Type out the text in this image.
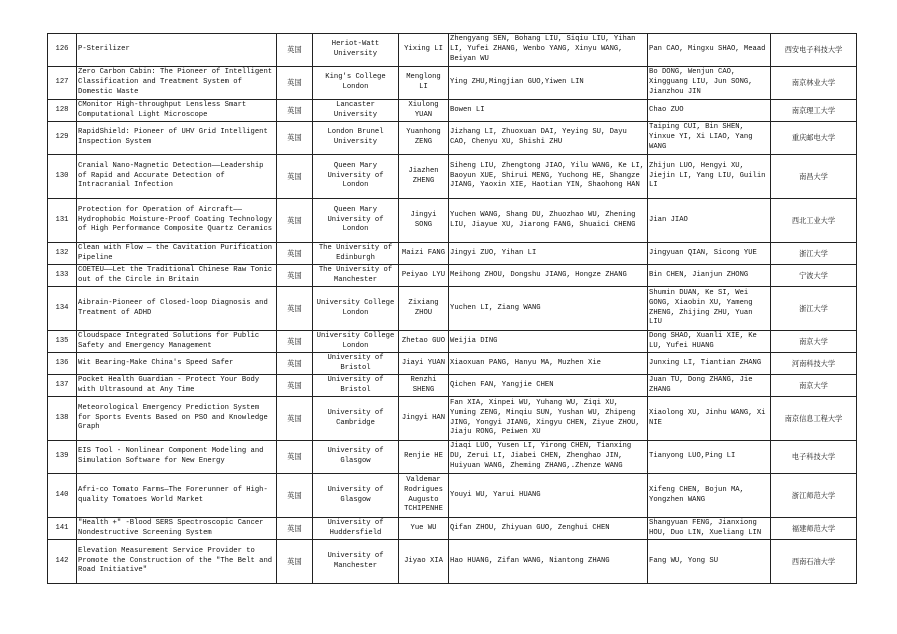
126	P-Sterilizer	英国	Heriot-Watt University	Yixing LI	Zhengyang SEN, Bohang LIU, Siqiu LIU, Yihan LI, Yufei ZHANG, Wenbo YANG, Xinyu WANG, Beiyan WU	Pan CAO, Mingxu SHAO, Meaad	西安电子科技大学
127	Zero Carbon Cabin: The Pioneer of Intelligent Classification and Treatment System of Domestic Waste	英国	King's College London	Menglong LI	Ying ZHU,Mingjian GUO,Yiwen LIN	Bo DONG, Wenjun CAO, Xingguang LIU, Jun SONG, Jianzhou JIN	南京林业大学
128	CMonitor High-throughput Lensless Smart Computational Light Microscope	英国	Lancaster University	Xiulong YUAN	Bowen LI	Chao ZUO	南京理工大学
129	RapidShield: Pioneer of UHV Grid Intelligent Inspection System	英国	London Brunel University	Yuanhong ZENG	Jizhang LI, Zhuoxuan DAI, Yeying SU, Dayu CAO, Chenyu XU, Shishi ZHU	Taiping CUI, Bin SHEN, Yinxue YI, Xi LIAO, Yang WANG	重庆邮电大学
130	Cranial Nano-Magnetic Detection——Leadership of Rapid and Accurate Detection of Intracranial Infection	英国	Queen Mary University of London	Jiazhen ZHENG	Siheng LIU, Zhengtong JIAO, Yilu WANG, Ke LI, Baoyun XUE, Shirui MENG, Yuchong HE, Shangze JIANG, Yaoxin XIE, Haotian YIN, Shaohong HAN	Zhijun LUO, Hengyi XU, Jiejin LI, Yang LIU, Guilin LI	南昌大学
131	Protection for Operation of Aircraft——Hydrophobic Moisture-Proof Coating Technology of High Performance Composite Quartz Ceramics	英国	Queen Mary University of London	Jingyi SONG	Yuchen WANG, Shang DU, Zhuozhao WU, Zhening LIU, Jiayue XU, Jiarong FANG, Shuaici CHENG	Jian JIAO	西北工业大学
132	Clean with Flow — the Cavitation Purification Pipeline	英国	The University of Edinburgh	Maizi FANG	Jingyi ZUO, Yihan LI	Jingyuan QIAN, Sicong YUE	浙江大学
133	COETEU——Let the Traditional Chinese Raw Tonic out of the Circle in Britain	英国	The University of Manchester	Peiyao LYU	Meihong ZHOU, Dongshu JIANG, Hongze ZHANG	Bin CHEN, Jianjun ZHONG	宁波大学
134	Aibrain-Pioneer of Closed-loop Diagnosis and Treatment of ADHD	英国	University College London	Zixiang ZHOU	Yuchen LI, Ziang WANG	Shumin DUAN, Ke SI, Wei GONG, Xiaobin XU, Yameng ZHENG, Zhijing ZHU, Yuan LIU	浙江大学
135	Cloudspace Integrated Solutions for Public Safety and Emergency Management	英国	University College London	Zhetao GUO	Weijia DING	Dong SHAO, Xuanli XIE, Ke LU, Yufei HUANG	南京大学
136	Wit Bearing-Make China's Speed Safer	英国	University of Bristol	Jiayi YUAN	Xiaoxuan PANG, Hanyu MA, Muzhen Xie	Junxing LI, Tiantian ZHANG	河南科技大学
137	Pocket Health Guardian - Protect Your Body with Ultrasound at Any Time	英国	University of Bristol	Renzhi SHENG	Qichen FAN, Yangjie CHEN	Juan TU, Dong ZHANG, Jie ZHANG	南京大学
138	Meteorological Emergency Prediction System for Sports Events Based on PSO and Knowledge Graph	英国	University of Cambridge	Jingyi HAN	Fan XIA, Xinpei WU, Yuhang WU, Ziqi XU, Yuming ZENG, Minqiu SUN, Yushan WU, Zhipeng JING, Yongyi JIANG, Xingyu CHEN, Ziyue ZHOU, Jiaju RONG, Peiwen XU	Xiaolong XU, Jinhu WANG, Xi NIE	南京信息工程大学
139	EIS Tool - Nonlinear Component Modeling and Simulation Software for New Energy	英国	University of Glasgow	Renjie HE	Jiaqi LUO, Yusen LI, Yirong CHEN, Tianxing DU, Zerui LI, Jiabei CHEN, Zhenghao JIN, Huiyuan WANG, Zheming ZHANG,.Zhenze WANG	Tianyong LUO,Ping LI	电子科技大学
140	Afri-co Tomato Farms—The Forerunner of High-quality Tomatoes World Market	英国	University of Glasgow	Valdemar Rodrigues Augusto TCHIPENHE	Youyi WU, Yarui HUANG	Xifeng CHEN, Bojun MA, Yongzhen WANG	浙江师范大学
141	"Health +" -Blood SERS Spectroscopic Cancer Nondestructive Screening System	英国	University of Huddersfield	Yue WU	Qifan ZHOU, Zhiyuan GUO, Zenghui CHEN	Shangyuan FENG, Jianxiong HOU, Duo LIN, Xueliang LIN	福建师范大学
142	Elevation Measurement Service Provider to Promote the Construction of the "The Belt and Road Initiative"	英国	University of Manchester	Jiyao XIA	Hao HUANG, Zifan WANG, Niantong ZHANG	Fang WU, Yong SU	西南石油大学
